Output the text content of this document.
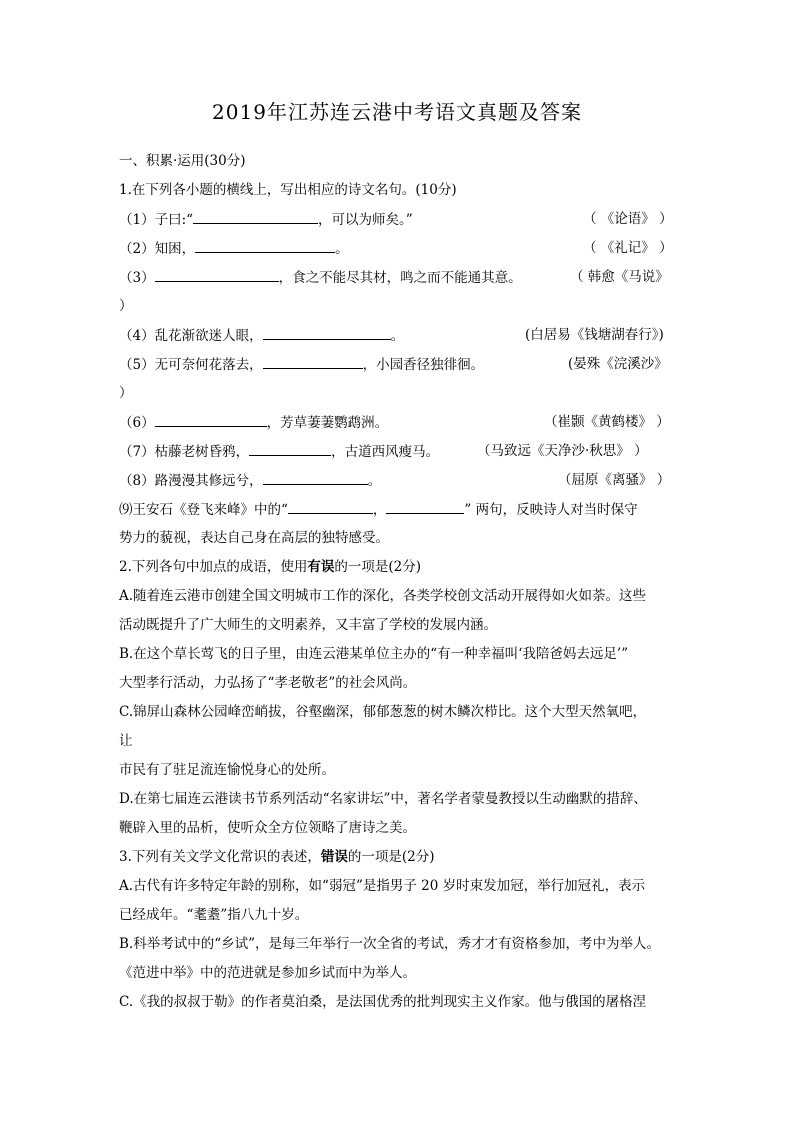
2019年江苏连云港中考语文真题及答案
一、积累·运用(30分)
1.在下列各小题的横线上，写出相应的诗文名句。(10分)
（1）子曰:“	，可以为师矣。”	（ 《论语》 ）
（2）知困，	。	（ 《礼记》 ）
（3）	，食之不能尽其材，鸣之而不能通其意。	（ 韩愈《马说》
）
（4）乱花渐欲迷人眼，	。	(白居易《钱塘湖春行》)
（5）无可奈何花落去，	，小园香径独徘徊。	(晏殊《浣溪沙》
）
（6）	，芳草萋萋鹦鹉洲。	（崔颢《黄鹤楼》 ）
（7）枯藤老树昏鸦，	，古道西风瘦马。	（马致远《天净沙·秋思》 ）
（8）路漫漫其修远兮，	。	（屈原《离骚》 ）
⑼王安石《登飞来峰》中的“	，	” 两句，反映诗人对当时保守
势力的藐视，表达自己身在高层的独特感受。
2.下列各句中加点的成语，使用有误的一项是(2分)
A.随着连云港市创建全国文明城市工作的深化，各类学校创文活动开展得如火如荼。这些
活动既提升了广大师生的文明素养，又丰富了学校的发展内涵。
B.在这个草长莺飞的日子里，由连云港某单位主办的“有一种幸福叫‘我陪爸妈去远足’”
大型孝行活动，力弘扬了“孝老敬老”的社会风尚。
C.锦屏山森林公园峰峦峭拔，谷壑幽深，郁郁葱葱的树木鳞次栉比。这个大型天然氧吧，
让
市民有了驻足流连愉悦身心的处所。
D.在第七届连云港读书节系列活动“名家讲坛”中，著名学者蒙曼教授以生动幽默的措辞、
鞭辟入里的品析，使听众全方位领略了唐诗之美。
3.下列有关文学文化常识的表述，错误的一项是(2分)
A.古代有许多特定年龄的别称，如“弱冠”是指男子 20 岁时束发加冠，举行加冠礼，表示
已经成年。“耄耋”指八九十岁。
B.科举考试中的“乡试”，是每三年举行一次全省的考试，秀才才有资格参加，考中为举人。
《范进中举》中的范进就是参加乡试而中为举人。
C.《我的叔叔于勒》的作者莫泊桑，是法国优秀的批判现实主义作家。他与俄国的屠格涅
